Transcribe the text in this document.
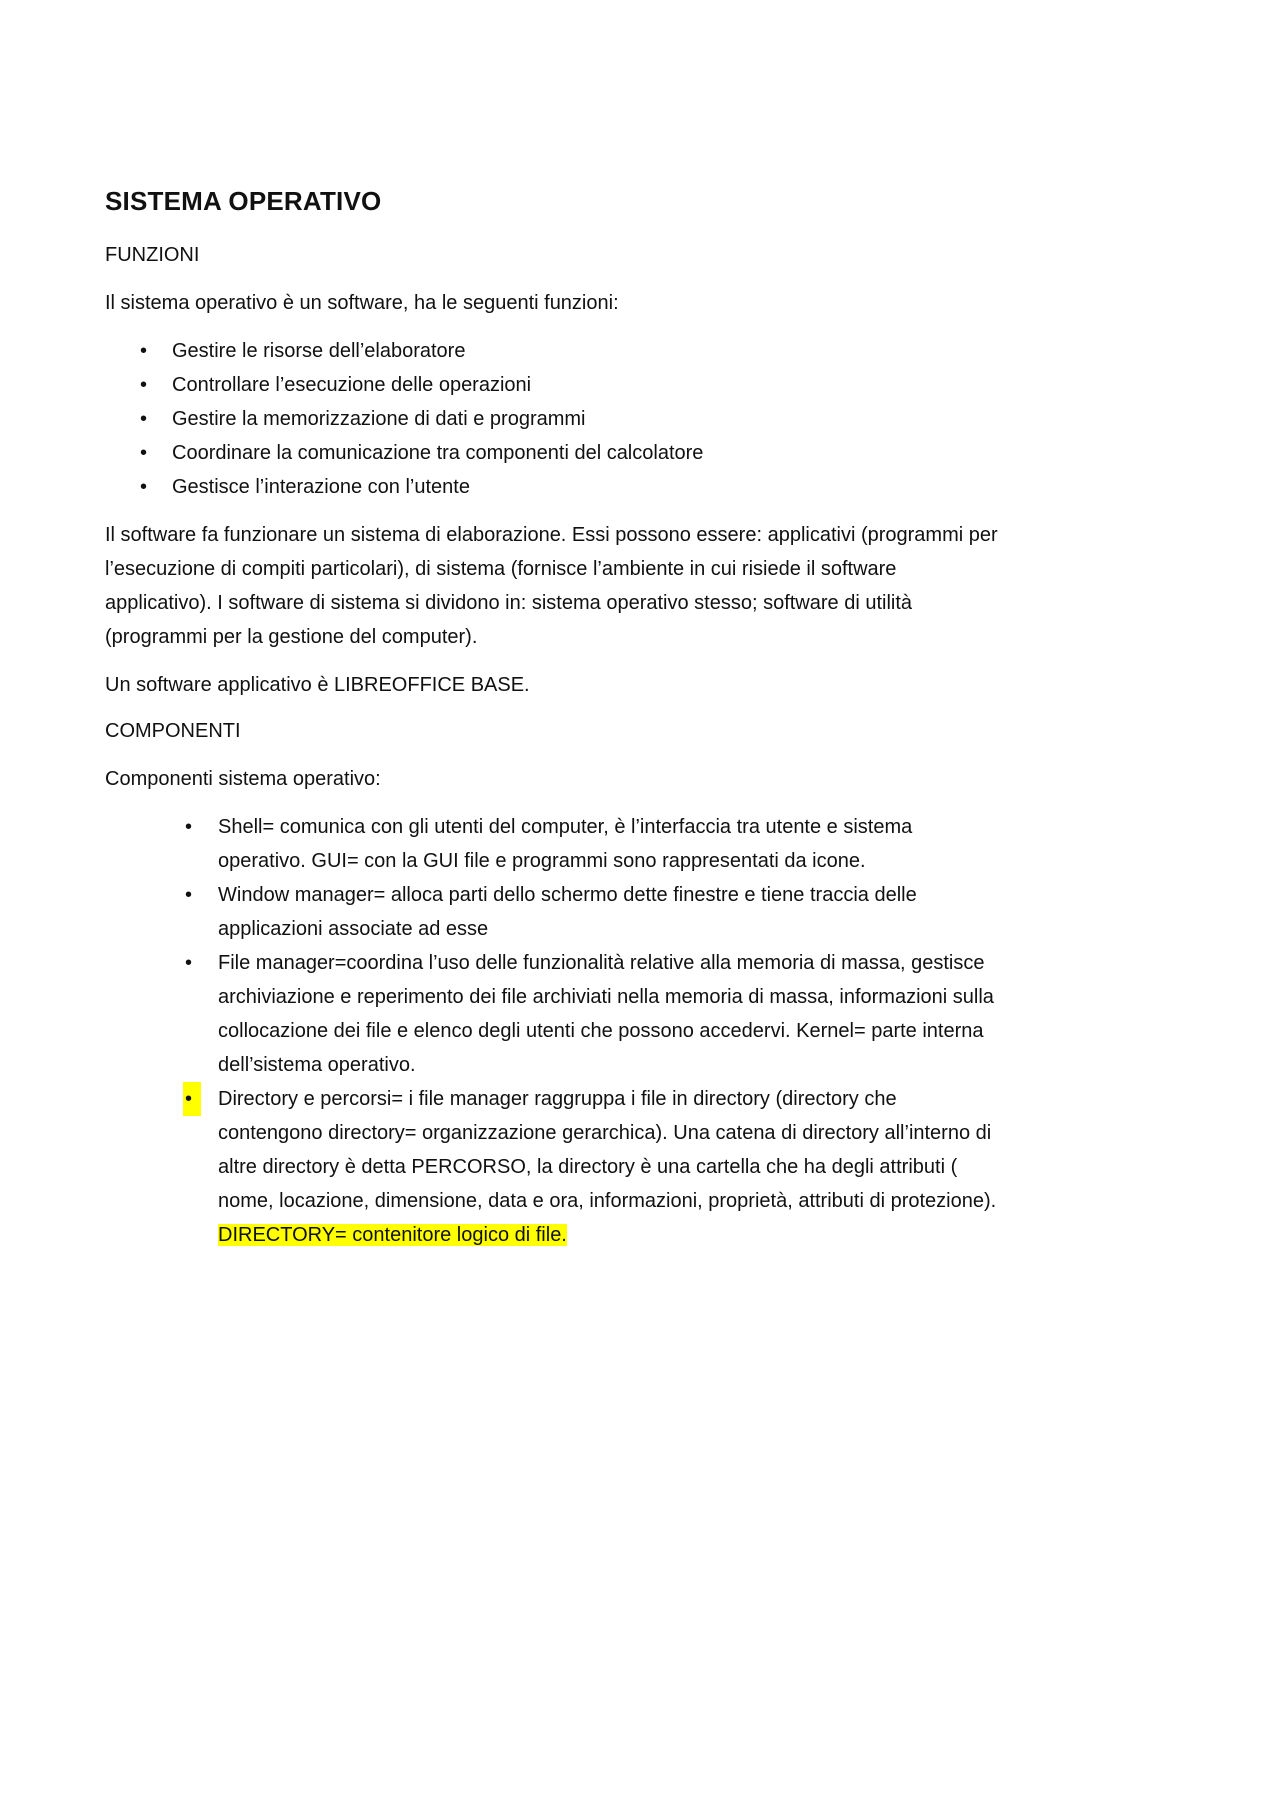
SISTEMA OPERATIVO

FUNZIONI

Il sistema operativo è un software, ha le seguenti funzioni:

•	Gestire le risorse dell’elaboratore
•	Controllare l’esecuzione delle operazioni
•	Gestire la memorizzazione di dati e programmi
•	Coordinare la comunicazione tra componenti del calcolatore
•	Gestisce l’interazione con l’utente

Il software fa funzionare un sistema di elaborazione. Essi possono essere: applicativi (programmi per l’esecuzione di compiti particolari), di sistema (fornisce l’ambiente in cui risiede il software applicativo). I software di sistema si dividono in: sistema operativo stesso; software di utilità (programmi per la gestione del computer).

Un software applicativo è LIBREOFFICE BASE.

COMPONENTI

Componenti sistema operativo:

•	Shell= comunica con gli utenti del computer, è l’interfaccia tra utente e sistema operativo. GUI= con la GUI file e programmi sono rappresentati da icone.
•	Window manager= alloca parti dello schermo dette finestre e tiene traccia delle applicazioni associate ad esse
•	File manager=coordina l’uso delle funzionalità relative alla memoria di massa, gestisce archiviazione e reperimento dei file archiviati nella memoria di massa, informazioni sulla collocazione dei file e elenco degli utenti che possono accedervi. Kernel= parte interna dell’sistema operativo.
•	Directory e percorsi= i file manager raggruppa i file in directory (directory che contengono directory= organizzazione gerarchica). Una catena di directory all’interno di altre directory è detta PERCORSO, la directory è una cartella che ha degli attributi ( nome, locazione, dimensione, data e ora, informazioni, proprietà, attributi di protezione). DIRECTORY= contenitore logico di file.
